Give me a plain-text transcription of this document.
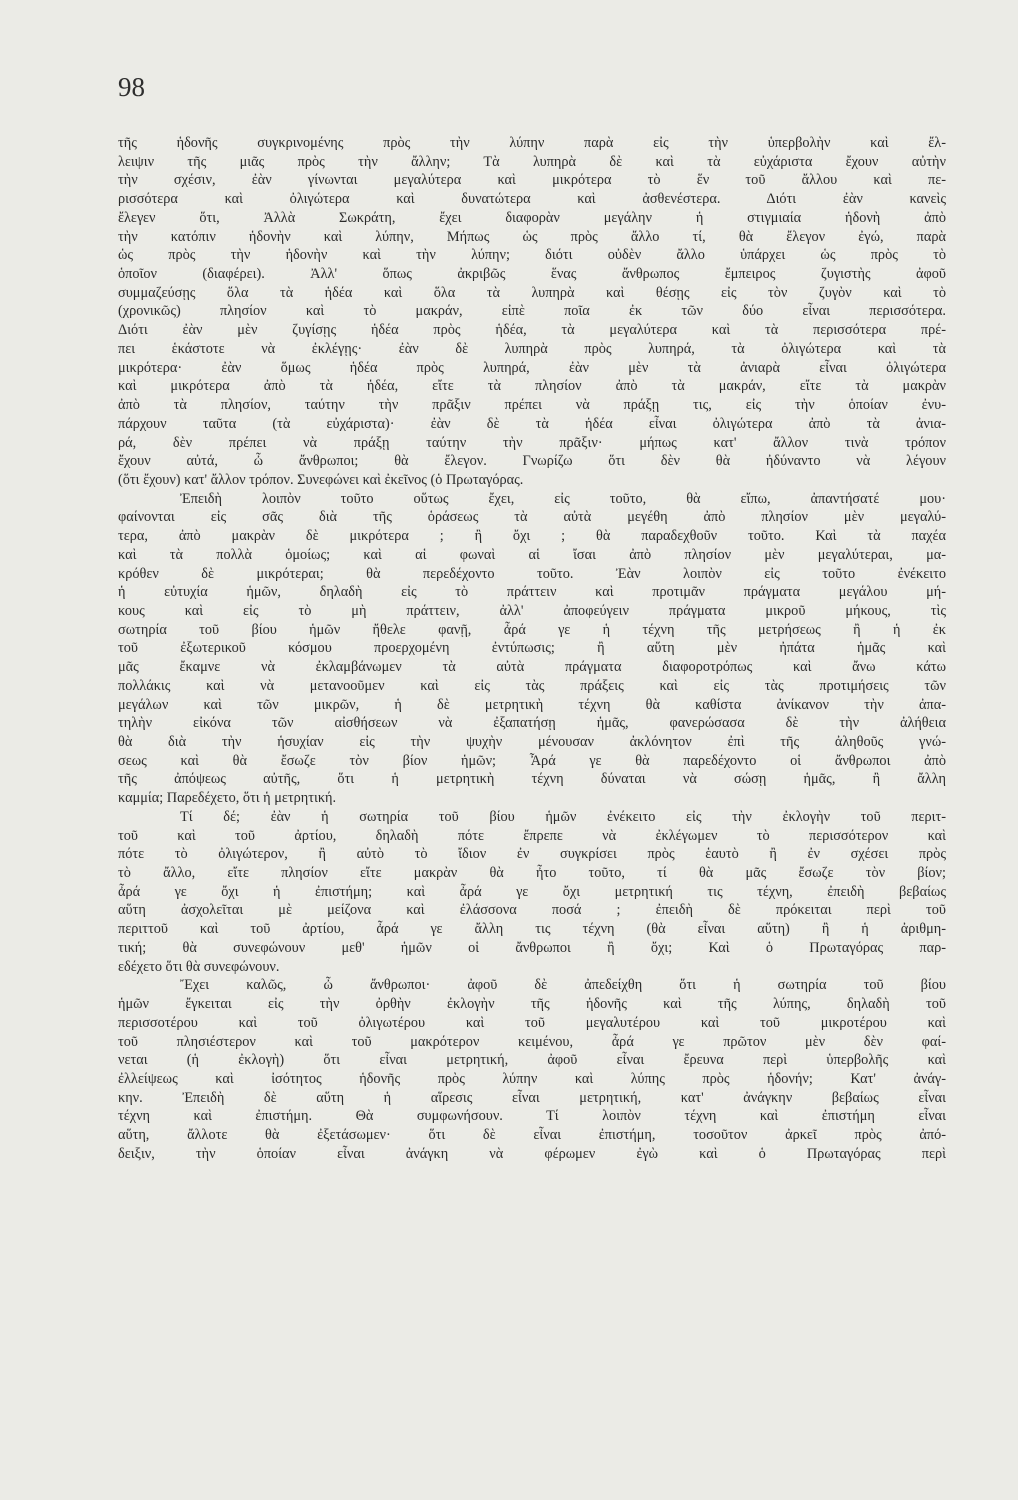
98
τῆς ἡδονῆς συγκρινομένης πρὸς τὴν λύπην παρὰ εἰς τὴν ὑπερβολὴν καὶ ἔλ-
λειψιν τῆς μιᾶς πρὸς τὴν ἄλλην; Τὰ λυπηρὰ δὲ καὶ τὰ εὐχάριστα ἔχουν αὐτὴν
τὴν σχέσιν, ἐὰν γίνωνται μεγαλύτερα καὶ μικρότερα τὸ ἕν τοῦ ἄλλου καὶ πε-
ρισσότερα καὶ ὀλιγώτερα καὶ δυνατώτερα καὶ ἀσθενέστερα. Διότι ἐὰν κανεὶς
ἔλεγεν ὅτι, Ἀλλὰ Σωκράτη, ἔχει διαφορὰν μεγάλην ἡ στιγμιαία ἡδονὴ ἀπὸ
τὴν κατόπιν ἡδονὴν καὶ λύπην, Μήπως ὡς πρὸς ἄλλο τί, θὰ ἔλεγον ἐγώ, παρὰ
ὡς πρὸς τὴν ἡδονὴν καὶ τὴν λύπην; διότι οὐδὲν ἄλλο ὑπάρχει ὡς πρὸς τὸ
ὁποῖον (διαφέρει). Ἀλλ' ὅπως ἀκριβῶς ἕνας ἄνθρωπος ἔμπειρος ζυγιστὴς ἀφοῦ
συμμαζεύσῃς ὅλα τὰ ἡδέα καὶ ὅλα τὰ λυπηρὰ καὶ θέσῃς εἰς τὸν ζυγὸν καὶ τὸ
(χρονικῶς) πλησίον καὶ τὸ μακράν, εἰπὲ ποῖα ἐκ τῶν δύο εἶναι περισσότερα.
Διότι ἐὰν μὲν ζυγίσῃς ἡδέα πρὸς ἡδέα, τὰ μεγαλύτερα καὶ τὰ περισσότερα πρέ-
πει ἑκάστοτε νὰ ἐκλέγῃς· ἐὰν δὲ λυπηρὰ πρὸς λυπηρά, τὰ ὀλιγώτερα καὶ τὰ
μικρότερα· ἐὰν ὅμως ἡδέα πρὸς λυπηρά, ἐὰν μὲν τὰ ἀνιαρὰ εἶναι ὀλιγώτερα
καὶ μικρότερα ἀπὸ τὰ ἡδέα, εἴτε τὰ πλησίον ἀπὸ τὰ μακράν, εἴτε τὰ μακρὰν
ἀπὸ τὰ πλησίον, ταύτην τὴν πρᾶξιν πρέπει νὰ πράξῃ τις, εἰς τὴν ὁποίαν ἐνυ-
πάρχουν ταῦτα (τὰ εὐχάριστα)· ἐὰν δὲ τὰ ἡδέα εἶναι ὀλιγώτερα ἀπὸ τὰ ἀνια-
ρά, δὲν πρέπει νὰ πράξῃ ταύτην τὴν πρᾶξιν· μήπως κατ' ἄλλον τινὰ τρόπον
ἔχουν αὐτά, ὦ ἄνθρωποι; θὰ ἔλεγον. Γνωρίζω ὅτι δὲν θὰ ἠδύναντο νὰ λέγουν
(ὅτι ἔχουν) κατ' ἄλλον τρόπον. Συνεφώνει καὶ ἐκεῖνος (ὁ Πρωταγόρας.
Ἐπειδὴ λοιπὸν τοῦτο οὕτως ἔχει, εἰς τοῦτο, θὰ εἴπω, ἀπαντήσατέ μου·
φαίνονται εἰς σᾶς διὰ τῆς ὁράσεως τὰ αὐτὰ μεγέθη ἀπὸ πλησίον μὲν μεγαλύ-
τερα, ἀπὸ μακρὰν δὲ μικρότερα ; ἢ ὄχι ; θὰ παραδεχθοῦν τοῦτο. Καὶ τὰ παχέα
καὶ τὰ πολλὰ ὁμοίως; καὶ αἱ φωναὶ αἱ ἴσαι ἀπὸ πλησίον μὲν μεγαλύτεραι, μα-
κρόθεν δὲ μικρότεραι; θὰ περεδέχοντο τοῦτο. Ἐὰν λοιπὸν εἰς τοῦτο ἐνέκειτο
ἡ εὐτυχία ἡμῶν, δηλαδὴ εἰς τὸ πράττειν καὶ προτιμᾶν πράγματα μεγάλου μή-
κους καὶ εἰς τὸ μὴ πράττειν, ἀλλ' ἀποφεύγειν πράγματα μικροῦ μήκους, τὶς
σωτηρία τοῦ βίου ἡμῶν ἤθελε φανῇ, ἆρά γε ἡ τέχνη τῆς μετρήσεως ἢ ἡ ἐκ
τοῦ ἐξωτερικοῦ κόσμου προερχομένη ἐντύπωσις; ἢ αὕτη μὲν ἠπάτα ἡμᾶς καὶ
μᾶς ἔκαμνε νὰ ἐκλαμβάνωμεν τὰ αὐτὰ πράγματα διαφοροτρόπως καὶ ἄνω κάτω
πολλάκις καὶ νὰ μετανοοῦμεν καὶ εἰς τὰς πράξεις καὶ εἰς τὰς προτιμήσεις τῶν
μεγάλων καὶ τῶν μικρῶν, ἡ δὲ μετρητικὴ τέχνη θὰ καθίστα ἀνίκανον τὴν ἀπα-
τηλὴν εἰκόνα τῶν αἰσθήσεων νὰ ἐξαπατήσῃ ἡμᾶς, φανερώσασα δὲ τὴν ἀλήθεια
θὰ διὰ τὴν ἡσυχίαν εἰς τὴν ψυχὴν μένουσαν ἀκλόνητον ἐπὶ τῆς ἀληθοῦς γνώ-
σεως καὶ θὰ ἔσωζε τὸν βίον ἡμῶν; Ἆρά γε θὰ παρεδέχοντο οἱ ἄνθρωποι ἀπὸ
τῆς ἀπόψεως αὐτῆς, ὅτι ἡ μετρητικὴ τέχνη δύναται νὰ σώσῃ ἡμᾶς, ἢ ἄλλη
καμμία; Παρεδέχετο, ὅτι ἡ μετρητική.
Τί δέ; ἐὰν ἡ σωτηρία τοῦ βίου ἡμῶν ἐνέκειτο εἰς τὴν ἐκλογὴν τοῦ περιτ-
τοῦ καὶ τοῦ ἀρτίου, δηλαδὴ πότε ἔπρεπε νὰ ἐκλέγωμεν τὸ περισσότερον καὶ
πότε τὸ ὀλιγώτερον, ἢ αὐτὸ τὸ ἴδιον ἐν συγκρίσει πρὸς ἑαυτὸ ἢ ἐν σχέσει πρὸς
τὸ ἄλλο, εἴτε πλησίον εἴτε μακρὰν θὰ ἦτο τοῦτο, τί θὰ μᾶς ἔσωζε τὸν βίον;
ἆρά γε ὄχι ἡ ἐπιστήμη; καὶ ἆρά γε ὄχι μετρητική τις τέχνη, ἐπειδὴ βεβαίως
αὕτη ἀσχολεῖται μὲ μείζονα καὶ ἐλάσσονα ποσά ; ἐπειδὴ δὲ πρόκειται περὶ τοῦ
περιττοῦ καὶ τοῦ ἀρτίου, ἆρά γε ἄλλη τις τέχνη (θὰ εἶναι αὕτη) ἢ ἡ ἀριθμη-
τική; θὰ συνεφώνουν μεθ' ἡμῶν οἱ ἄνθρωποι ἢ ὄχι; Καὶ ὁ Πρωταγόρας παρ-
εδέχετο ὅτι θὰ συνεφώνουν.
Ἔχει καλῶς, ὦ ἄνθρωποι· ἀφοῦ δὲ ἀπεδείχθη ὅτι ἡ σωτηρία τοῦ βίου
ἡμῶν ἔγκειται εἰς τὴν ὀρθὴν ἐκλογὴν τῆς ἡδονῆς καὶ τῆς λύπης, δηλαδὴ τοῦ
περισσοτέρου καὶ τοῦ ὀλιγωτέρου καὶ τοῦ μεγαλυτέρου καὶ τοῦ μικροτέρου καὶ
τοῦ πλησιέστερον καὶ τοῦ μακρότερον κειμένου, ἆρά γε πρῶτον μὲν δὲν φαί-
νεται (ἡ ἐκλογὴ) ὅτι εἶναι μετρητική, ἀφοῦ εἶναι ἔρευνα περὶ ὑπερβολῆς καὶ
ἐλλείψεως καὶ ἰσότητος ἡδονῆς πρὸς λύπην καὶ λύπης πρὸς ἡδονήν; Κατ' ἀνάγ-
κην. Ἐπειδὴ δὲ αὕτη ἡ αἵρεσις εἶναι μετρητική, κατ' ἀνάγκην βεβαίως εἶναι
τέχνη καὶ ἐπιστήμη. Θὰ συμφωνήσουν. Τί λοιπὸν τέχνη καὶ ἐπιστήμη εἶναι
αὕτη, ἄλλοτε θὰ ἐξετάσωμεν· ὅτι δὲ εἶναι ἐπιστήμη, τοσοῦτον ἀρκεῖ πρὸς ἀπό-
δειξιν, τὴν ὁποίαν εἶναι ἀνάγκη νὰ φέρωμεν ἐγὼ καὶ ὁ Πρωταγόρας περὶ
